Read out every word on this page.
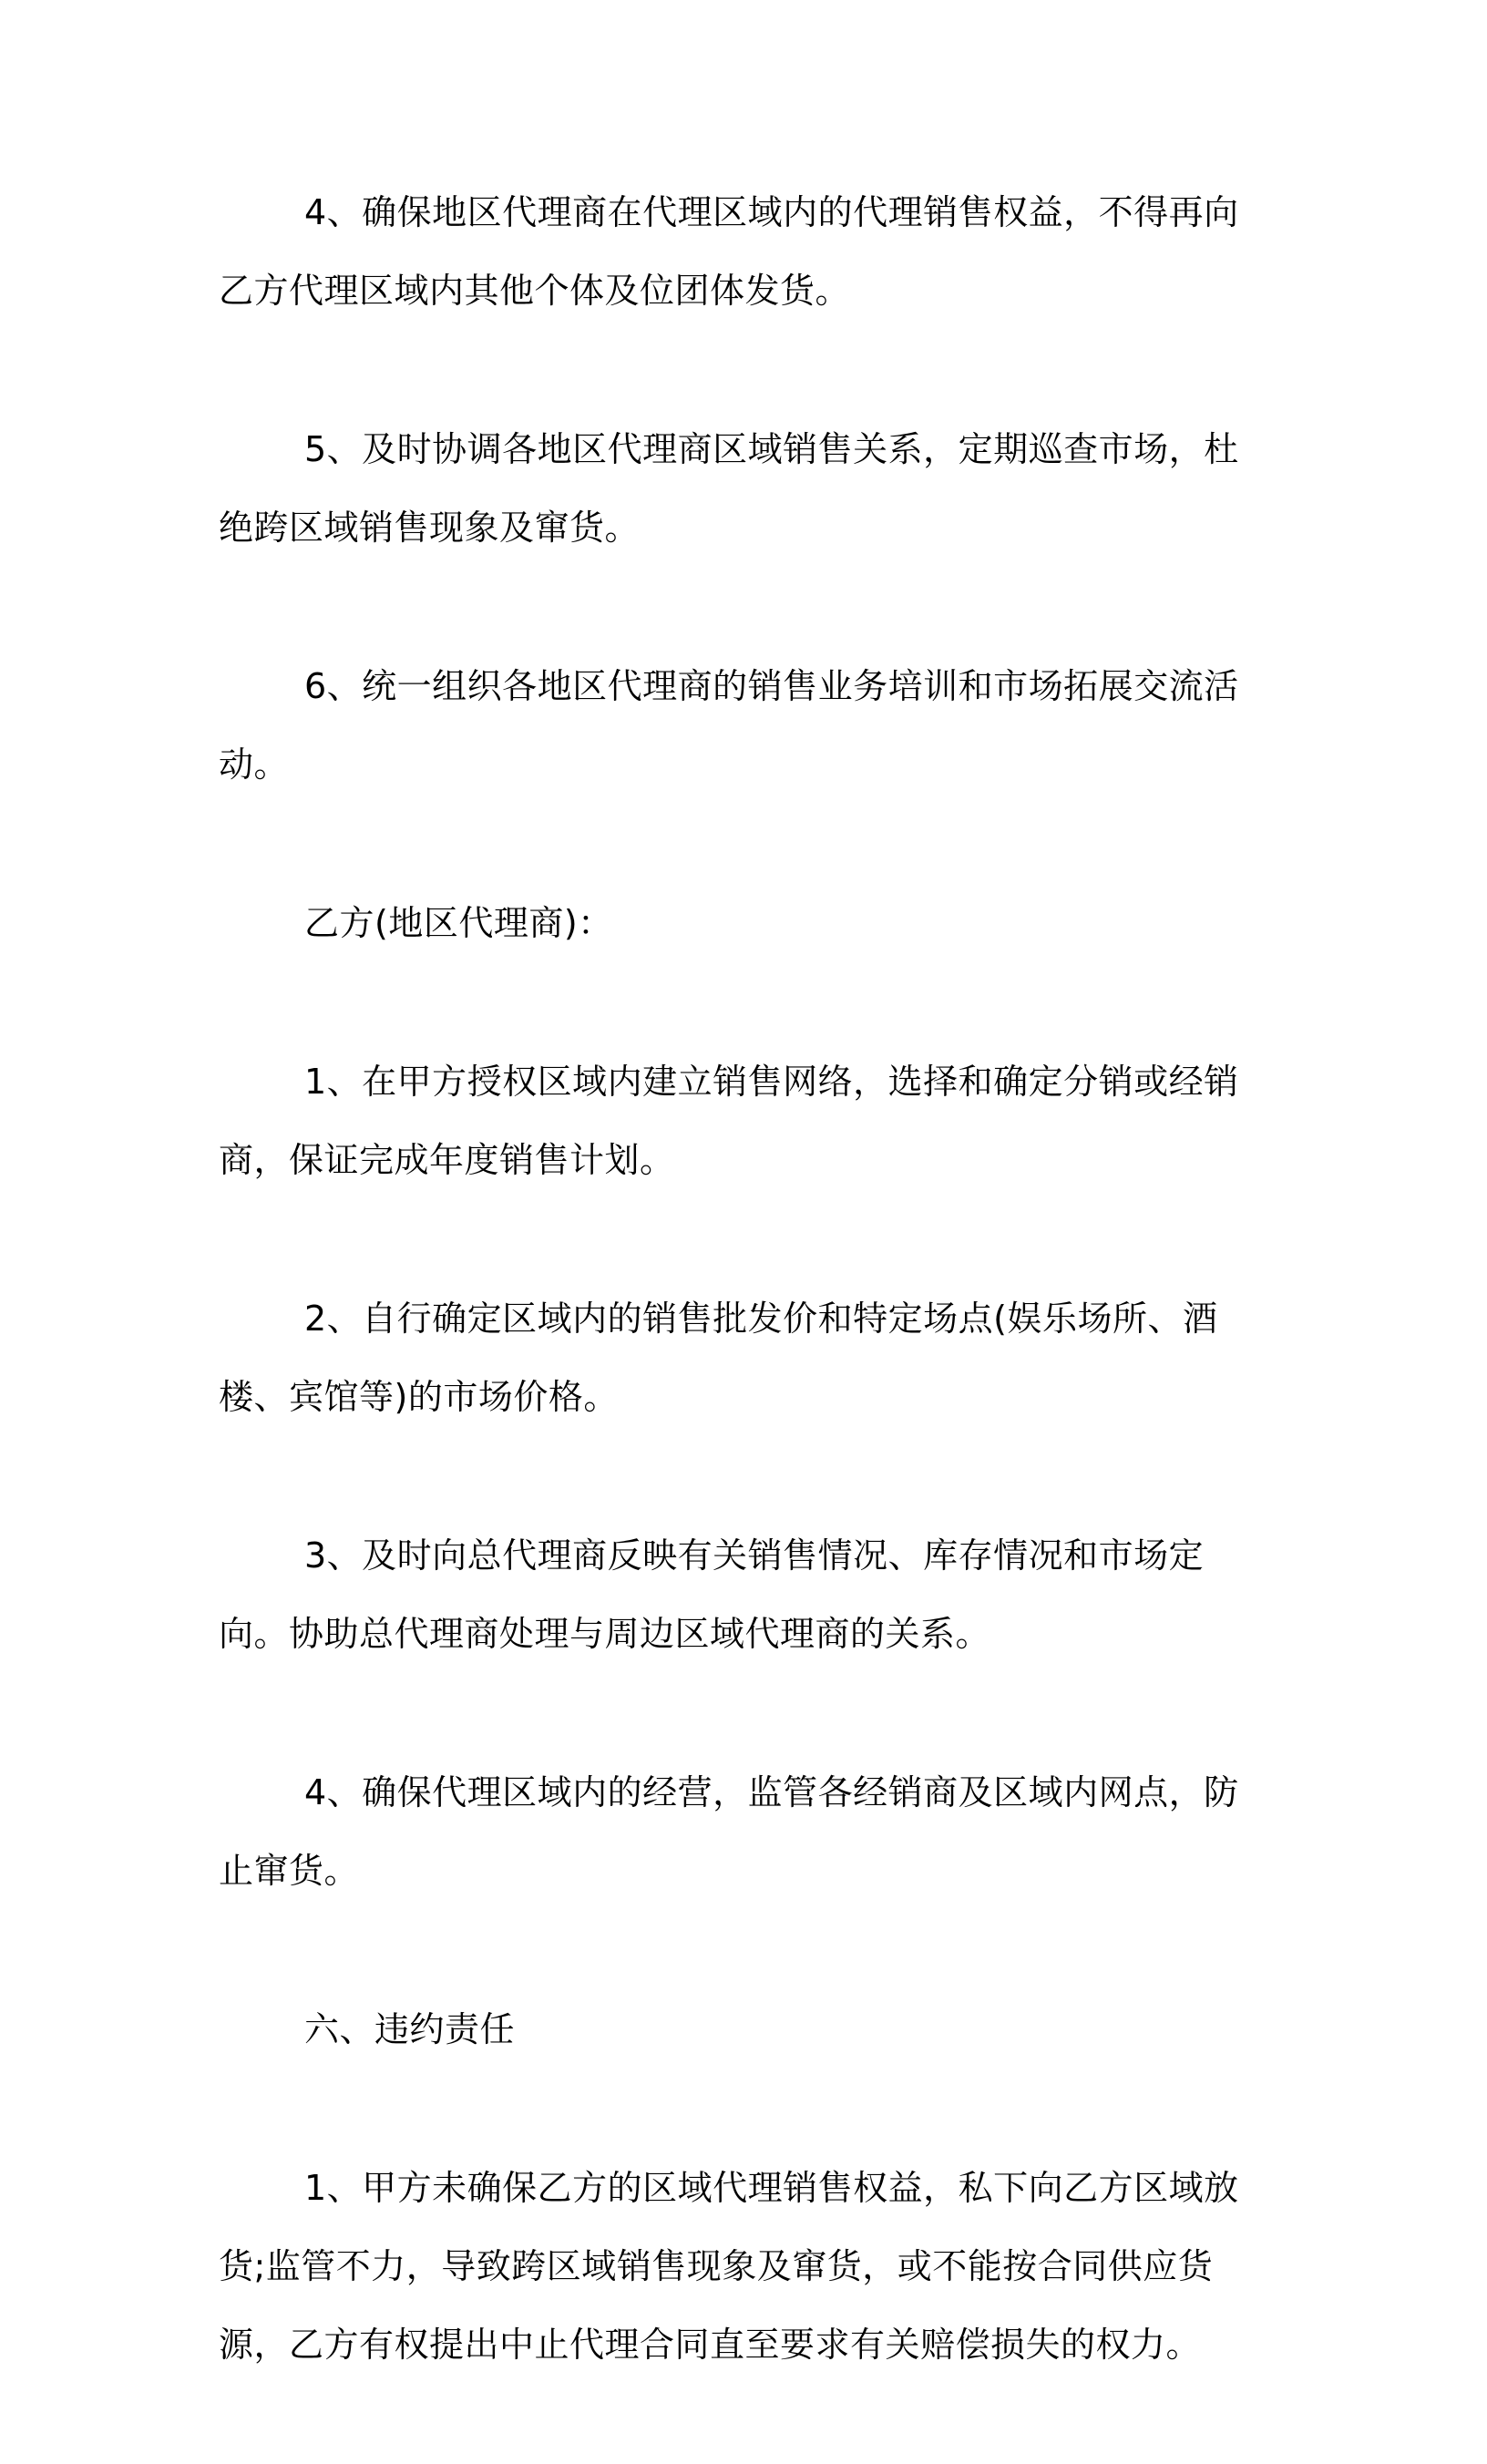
4、确保地区代理商在代理区域内的代理销售权益，不得再向乙方代理区域内其他个体及位团体发货。

5、及时协调各地区代理商区域销售关系，定期巡查市场，杜绝跨区域销售现象及窜货。

6、统一组织各地区代理商的销售业务培训和市场拓展交流活动。

乙方(地区代理商)：

1、在甲方授权区域内建立销售网络，选择和确定分销或经销商，保证完成年度销售计划。

2、自行确定区域内的销售批发价和特定场点(娱乐场所、酒楼、宾馆等)的市场价格。

3、及时向总代理商反映有关销售情况、库存情况和市场定向。协助总代理商处理与周边区域代理商的关系。

4、确保代理区域内的经营，监管各经销商及区域内网点，防止窜货。

六、违约责任

1、甲方未确保乙方的区域代理销售权益，私下向乙方区域放货;监管不力，导致跨区域销售现象及窜货，或不能按合同供应货源，乙方有权提出中止代理合同直至要求有关赔偿损失的权力。
